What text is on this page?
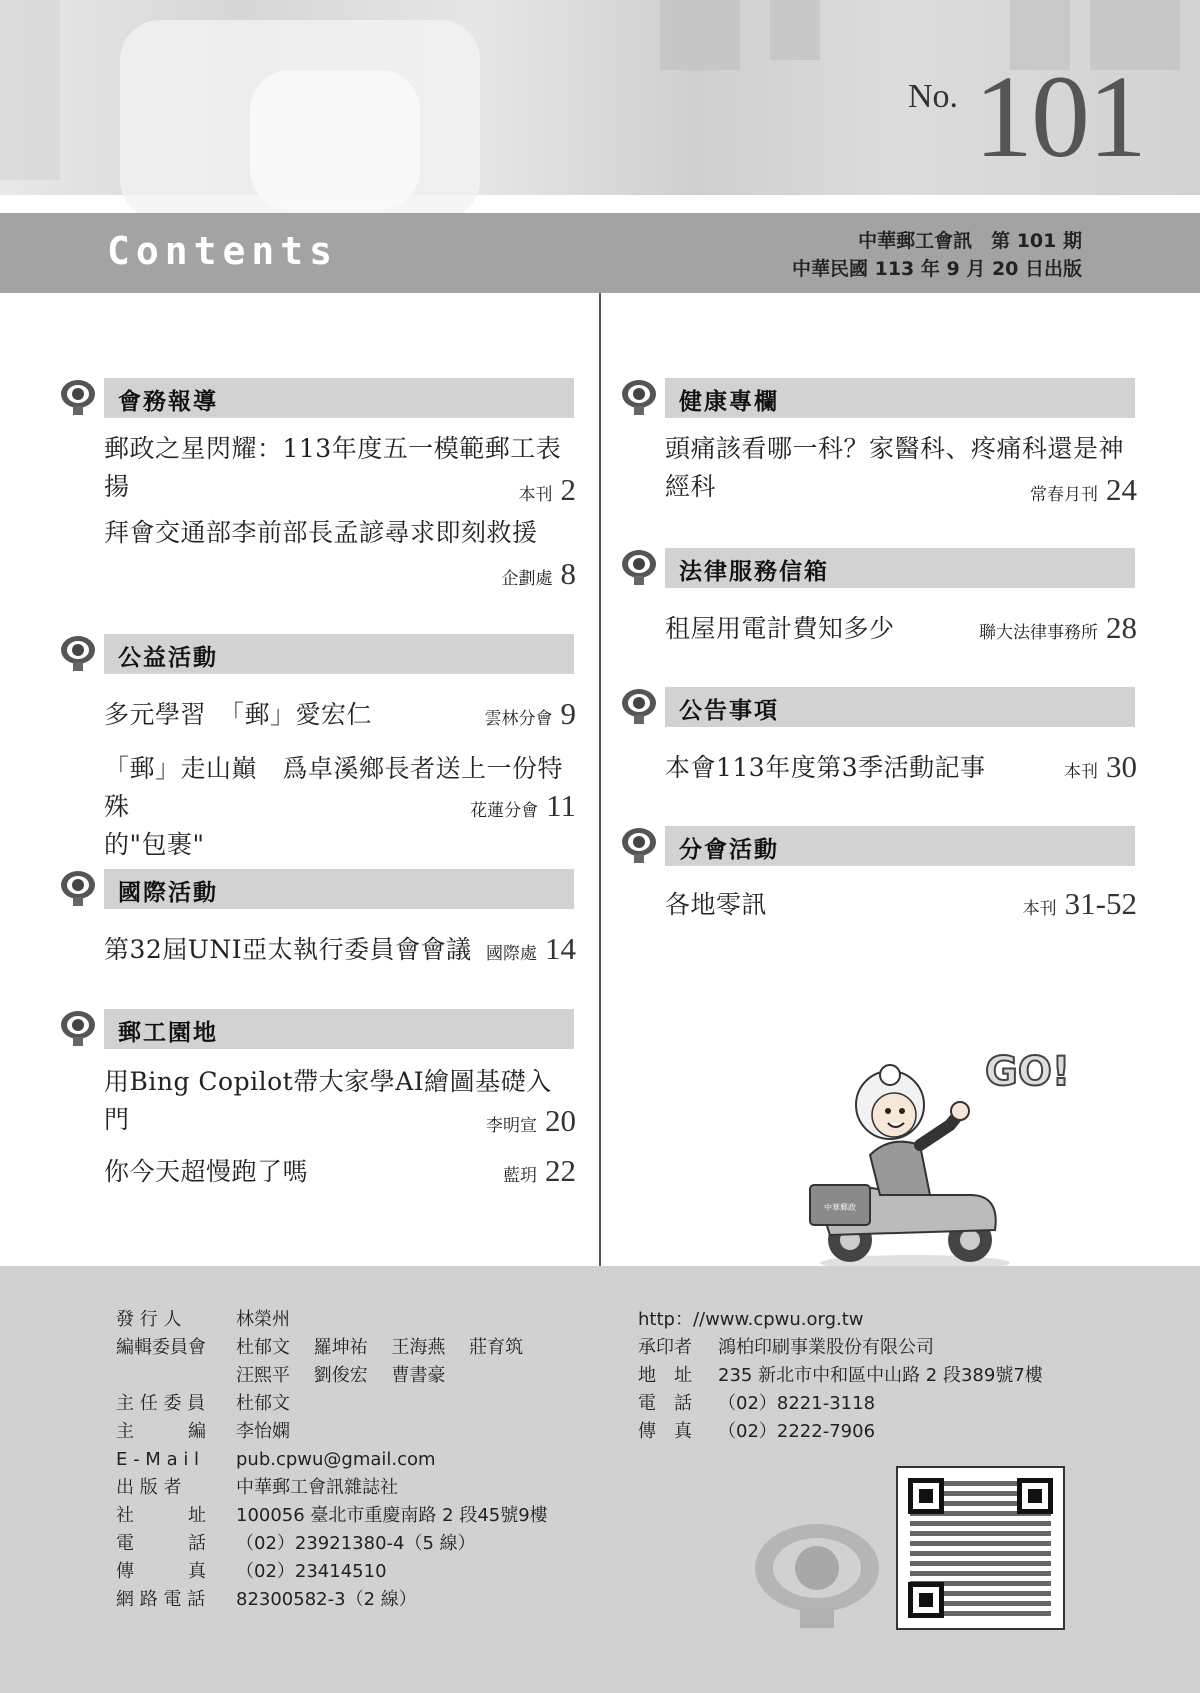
No. 101
Contents	中華郵工會訊　第 101 期
中華民國 113 年 9 月 20 日出版
會務報導
郵政之星閃耀：113年度五一模範郵工表揚	本刊 2
拜會交通部李前部長孟諺尋求即刻救援
企劃處 8
公益活動
多元學習　「郵」愛宏仁	雲林分會 9
「郵」走山巔　爲卓溪鄉長者送上一份特殊
的"包裹"
花蓮分會 11
國際活動
第32屆UNI亞太執行委員會會議 國際處 14
郵工園地
用Bing Copilot帶大家學AI繪圖基礎入門	李明宣 20
你今天超慢跑了嗎	藍玥 22
健康專欄
頭痛該看哪一科？家醫科、疼痛科還是神經科	常春月刊 24
法律服務信箱
租屋用電計費知多少	聯大法律事務所 28
公告事項
本會113年度第3季活動記事	本刊 30
分會活動
各地零訊	本刊 31-52
中華郵政
GO!
發 行 人	林榮州
編輯委員會	杜郁文　 羅坤祐　 王海燕　 莊育筑
汪熙平　 劉俊宏　 曹書豪
主 任 委 員	杜郁文
主　　　編	李怡嫻
E - M a i l	pub.cpwu@gmail.com
出 版 者	中華郵工會訊雜誌社
社　　　址	100056 臺北市重慶南路 2 段45號9樓
電　　　話	（02）23921380-4（5 線）
傳　　　真	（02）23414510
網 路 電 話	82300582-3（2 線）
http： //www.cpwu.org.tw
承印者	鴻柏印刷事業股份有限公司
地　址	235 新北市中和區中山路 2 段389號7樓
電　話	（02）8221-3118
傳　真	（02）2222-7906
